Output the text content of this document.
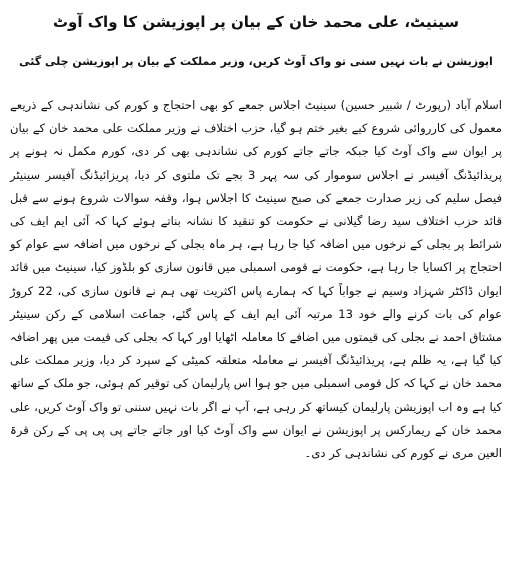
سینیٹ، علی محمد خان کے بیان پر اپوزیشن کا واک آوٹ
اپوزیشن نے بات نہیں سنی تو واک آوٹ کریں، وزیر مملکت کے بیان پر اپوزیشن چلی گئی

اسلام آباد (رپورٹ / شبیر حسین) سینیٹ اجلاس جمعے کو بھی احتجاج و کورم کی نشاندہی کے ذریعے معمول کی کارروائی شروع کیے بغیر ختم ہو گیا، حزب اختلاف نے وزیر مملکت علی محمد خان کے بیان پر ایوان سے واک آوٹ کیا جبکہ جاتے جاتے کورم کی نشاندہی بھی کر دی، کورم مکمل نہ ہونے پر پریذائیڈنگ آفیسر نے اجلاس سوموار کی سہ پہر 3 بجے تک ملتوی کر دیا، پریزائیڈنگ آفیسر سینیٹر فیصل سلیم کی زیر صدارت جمعے کی صبح سینیٹ کا اجلاس ہوا، وقفہ سوالات شروع ہونے سے قبل قائد حزب اختلاف سید رضا گیلانی نے حکومت کو تنقید کا نشانہ بناتے ہوئے کہا کہ آئی ایم ایف کی شرائط پر بجلی کے نرخوں میں اضافہ کیا جا رہا ہے، ہر ماہ بجلی کے نرخوں میں اضافہ سے عوام کو احتجاج پر اکسایا جا رہا ہے، حکومت نے قومی اسمبلی میں قانون سازی کو بلڈوز کیا، سینیٹ میں قائد ایوان ڈاکٹر شہزاد وسیم نے جواباً کہا کہ ہمارے پاس اکثریت تھی ہم نے قانون سازی کی، 22 کروڑ عوام کی بات کرنے والے خود 13 مرتبہ آئی ایم ایف کے پاس گئے، جماعت اسلامی کے رکن سینیٹر مشتاق احمد نے بجلی کی قیمتوں میں اضافے کا معاملہ اٹھایا اور کہا کہ بجلی کی قیمت میں پھر اضافہ کیا گیا ہے، یہ ظلم ہے، پریذائیڈنگ آفیسر نے معاملہ متعلقہ کمیٹی کے سپرد کر دیا، وزیر مملکت علی محمد خان نے کہا کہ کل قومی اسمبلی میں جو ہوا اس پارلیمان کی توقیر کم ہوئی، جو ملک کے ساتھ کیا ہے وہ اب اپوزیشن پارلیمان کیساتھ کر رہی ہے، آپ نے اگر بات نہیں سننی تو واک آوٹ کریں، علی محمد خان کے ریمارکس پر اپوزیشن نے ایوان سے واک آوٹ کیا اور جاتے جاتے پی پی پی کے رکن قرۃ العین مری نے کورم کی نشاندہی کر دی۔
